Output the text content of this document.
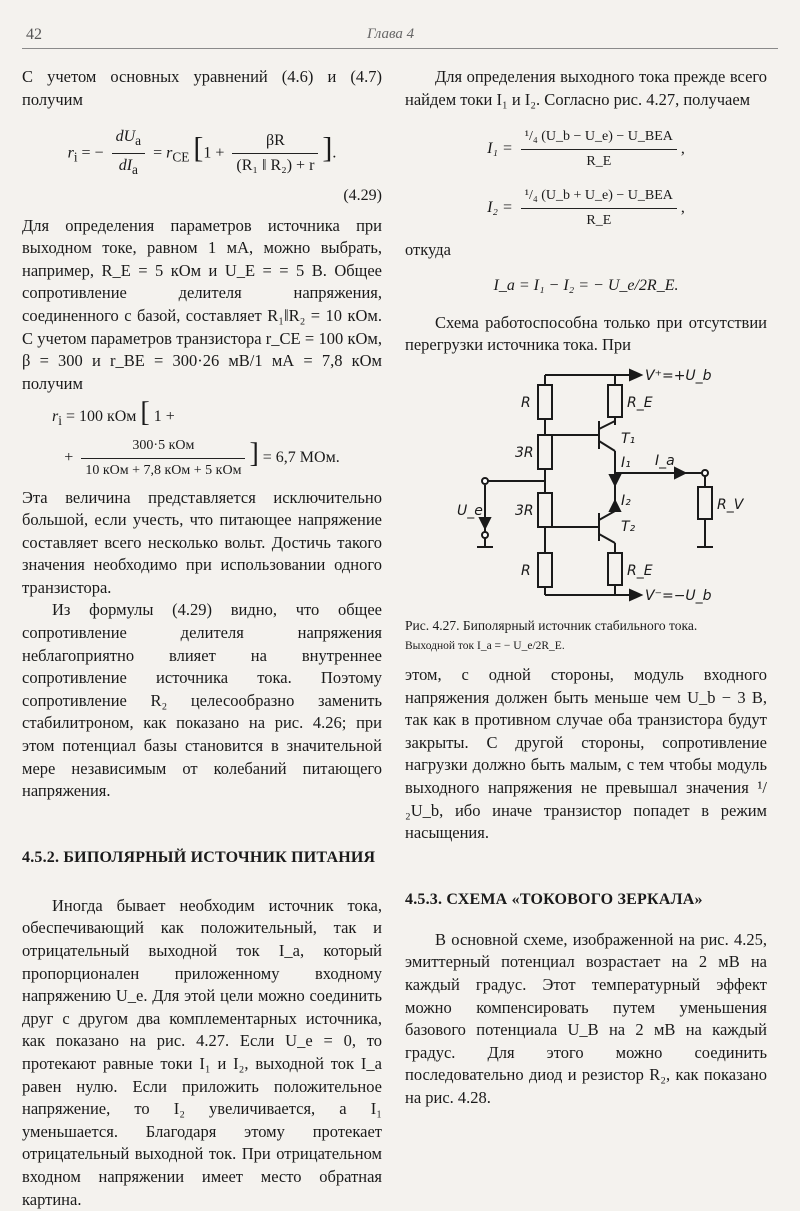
42	Глава 4

С учетом основных уравнений (4.6) и (4.7) получим

$r_i$ = − $\frac{dU_a}{dI_a} = r_{CE}$ [$1 + \frac{\beta R}{\text{(R₁ ‖ R₂) + r}}$ ].
(4.29)

Для определения параметров источника при выходном токе, равном 1 мА, можно выбрать, например, R_E = 5 кОм и U_E = = 5 В. Общее сопротивление делителя напряжения, соединенного с базой, составляет R₁‖R₂ = 10 кОм. С учетом параметров транзистора r_CE = 100 кОм, β = 300 и r_BE = 300·26 мВ/1 мА = 7,8 кОм получим

$r_i = 100$ кОм [ 1 +
+ $\frac{\text{300·5 кОм}}{\text{10 кОм + 7,8 кОм + 5 кОм}}$ ] = 6,7 МОм.

Эта величина представляется исключительно большой, если учесть, что питающее напряжение составляет всего несколько вольт. Достичь такого значения необходимо при использовании одного транзистора.

Из формулы (4.29) видно, что общее сопротивление делителя напряжения неблагоприятно влияет на внутреннее сопротивление источника тока. Поэтому сопротивление R₂ целесообразно заменить стабилитроном, как показано на рис. 4.26; при этом потенциал базы становится в значительной мере независимым от колебаний питающего напряжения.

4.5.2. БИПОЛЯРНЫЙ ИСТОЧНИК ПИТАНИЯ

Иногда бывает необходим источник тока, обеспечивающий как положительный, так и отрицательный выходной ток I_a, который пропорционален приложенному входному напряжению U_e. Для этой цели можно соединить друг с другом два комплементарных источника, как показано на рис. 4.27. Если U_e = 0, то протекают равные токи I₁ и I₂, выходной ток I_a равен нулю. Если приложить положительное напряжение, то I₂ увеличивается, а I₁ уменьшается. Благодаря этому протекает отрицательный выходной ток. При отрицательном входном напряжении имеет место обратная картина.

Для определения выходного тока прежде всего найдем токи I₁ и I₂. Согласно рис. 4.27, получаем

$I_1 = \frac{\text{¹/₄ (U\_b − U\_e) − U\_BEA}}{R\_E}$ ,
$I_2 = \frac{\text{¹/₄ (U\_b + U\_e) − U\_BEA}}{R\_E}$ ,

откуда

I_a = I₁ − I₂ = − U_e/2R_E.

Схема работоспособна только при отсутствии перегрузки источника тока. При

V⁺=+U_b
V⁻=−U_b
R	R_E
3R
3R
T₁
T₂
I₁
I₂
I_a
U_e	R_V
R	R_E
Рис. 4.27. Биполярный источник стабильного тока.
Выходной ток I_a = − U_e/2R_E.

этом, с одной стороны, модуль входного напряжения должен быть меньше чем U_b − 3 В, так как в противном случае оба транзистора будут закрыты. С другой стороны, сопротивление нагрузки должно быть малым, с тем чтобы модуль выходного напряжения не превышал значения ¹/₂U_b, ибо иначе транзистор попадет в режим насыщения.

4.5.3. СХЕМА «ТОКОВОГО ЗЕРКАЛА»

В основной схеме, изображенной на рис. 4.25, эмиттерный потенциал возрастает на 2 мВ на каждый градус. Этот температурный эффект можно компенсировать путем уменьшения базового потенциала U_B на 2 мВ на каждый градус. Для этого можно соединить последовательно диод и резистор R₂, как показано на рис. 4.28.
